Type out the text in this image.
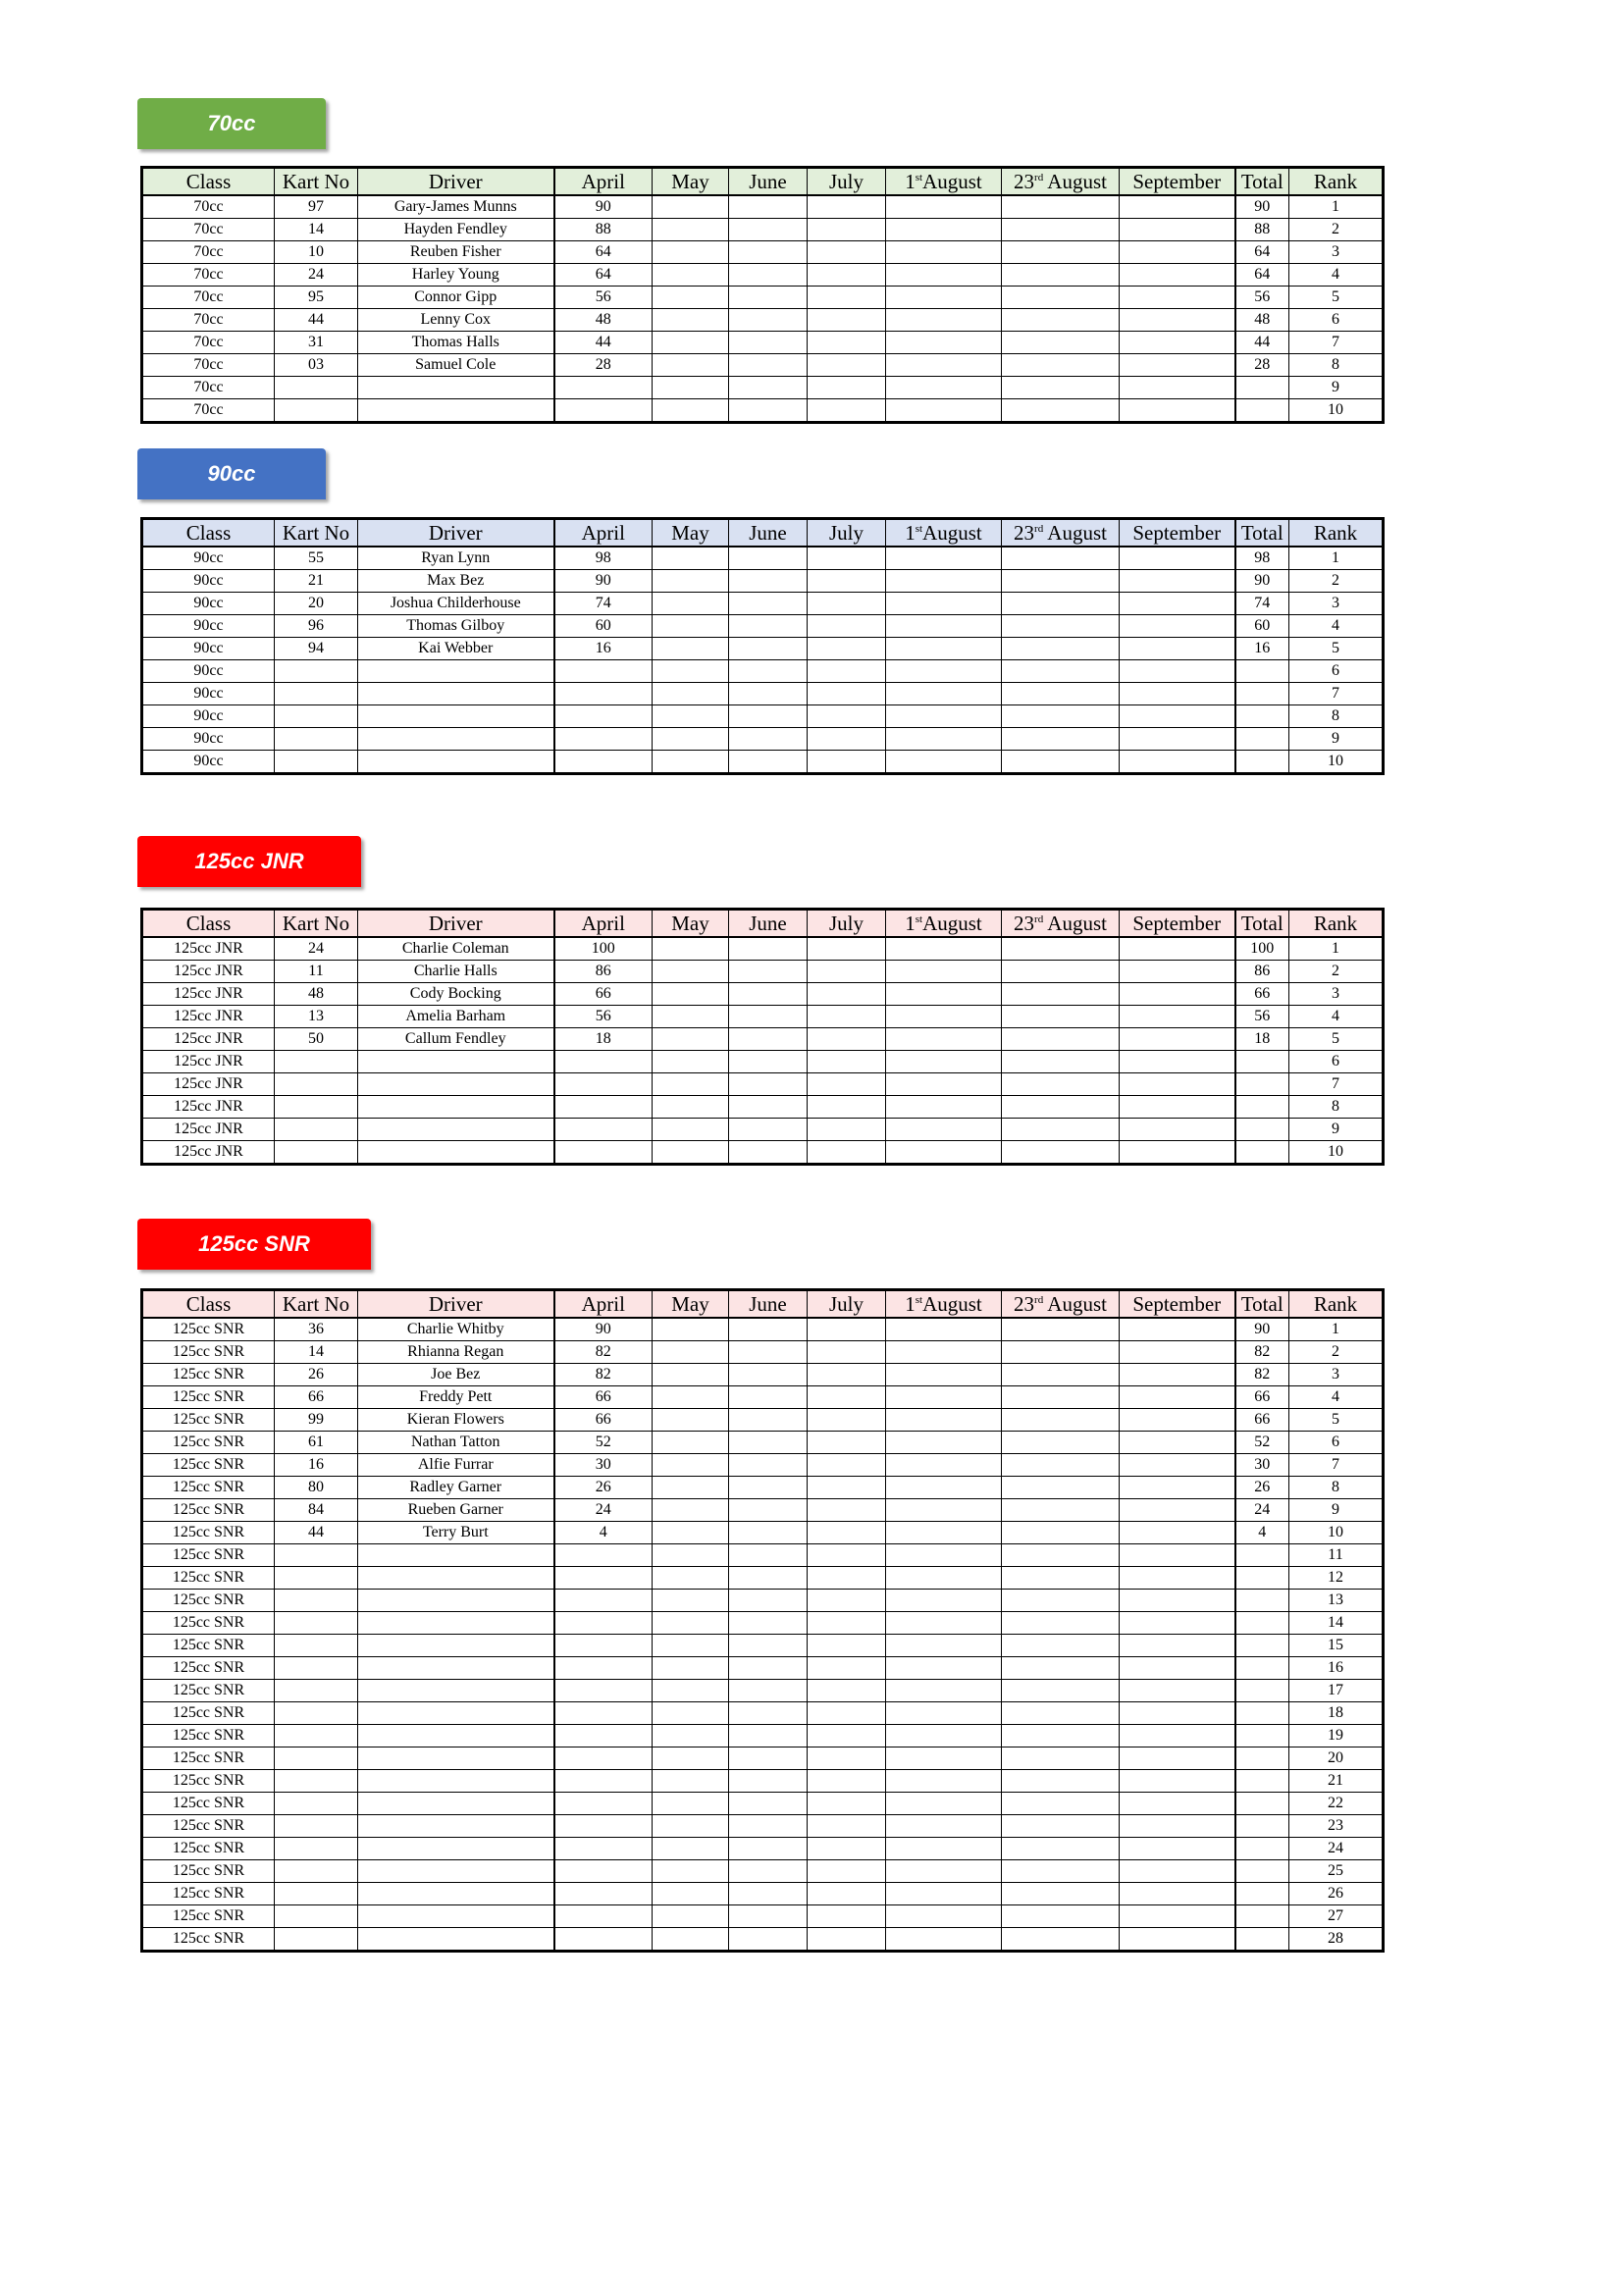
70cc
Class	Kart No	Driver	April	May	June	July	1stAugust	23rd August	September	Total	Rank
70cc	97	Gary-James Munns	90							90	1
70cc	14	Hayden Fendley	88							88	2
70cc	10	Reuben Fisher	64							64	3
70cc	24	Harley Young	64							64	4
70cc	95	Connor Gipp	56							56	5
70cc	44	Lenny Cox	48							48	6
70cc	31	Thomas Halls	44							44	7
70cc	03	Samuel Cole	28							28	8
70cc											9
70cc											10
90cc
Class	Kart No	Driver	April	May	June	July	1stAugust	23rd August	September	Total	Rank
90cc	55	Ryan Lynn	98							98	1
90cc	21	Max Bez	90							90	2
90cc	20	Joshua Childerhouse	74							74	3
90cc	96	Thomas Gilboy	60							60	4
90cc	94	Kai Webber	16							16	5
90cc											6
90cc											7
90cc											8
90cc											9
90cc											10
125cc JNR
Class	Kart No	Driver	April	May	June	July	1stAugust	23rd August	September	Total	Rank
125cc JNR	24	Charlie Coleman	100							100	1
125cc JNR	11	Charlie Halls	86							86	2
125cc JNR	48	Cody Bocking	66							66	3
125cc JNR	13	Amelia Barham	56							56	4
125cc JNR	50	Callum Fendley	18							18	5
125cc JNR											6
125cc JNR											7
125cc JNR											8
125cc JNR											9
125cc JNR											10
125cc SNR
Class	Kart No	Driver	April	May	June	July	1stAugust	23rd August	September	Total	Rank
125cc SNR	36	Charlie Whitby	90							90	1
125cc SNR	14	Rhianna Regan	82							82	2
125cc SNR	26	Joe Bez	82							82	3
125cc SNR	66	Freddy Pett	66							66	4
125cc SNR	99	Kieran Flowers	66							66	5
125cc SNR	61	Nathan Tatton	52							52	6
125cc SNR	16	Alfie Furrar	30							30	7
125cc SNR	80	Radley Garner	26							26	8
125cc SNR	84	Rueben Garner	24							24	9
125cc SNR	44	Terry Burt	4							4	10
125cc SNR											11
125cc SNR											12
125cc SNR											13
125cc SNR											14
125cc SNR											15
125cc SNR											16
125cc SNR											17
125cc SNR											18
125cc SNR											19
125cc SNR											20
125cc SNR											21
125cc SNR											22
125cc SNR											23
125cc SNR											24
125cc SNR											25
125cc SNR											26
125cc SNR											27
125cc SNR											28
